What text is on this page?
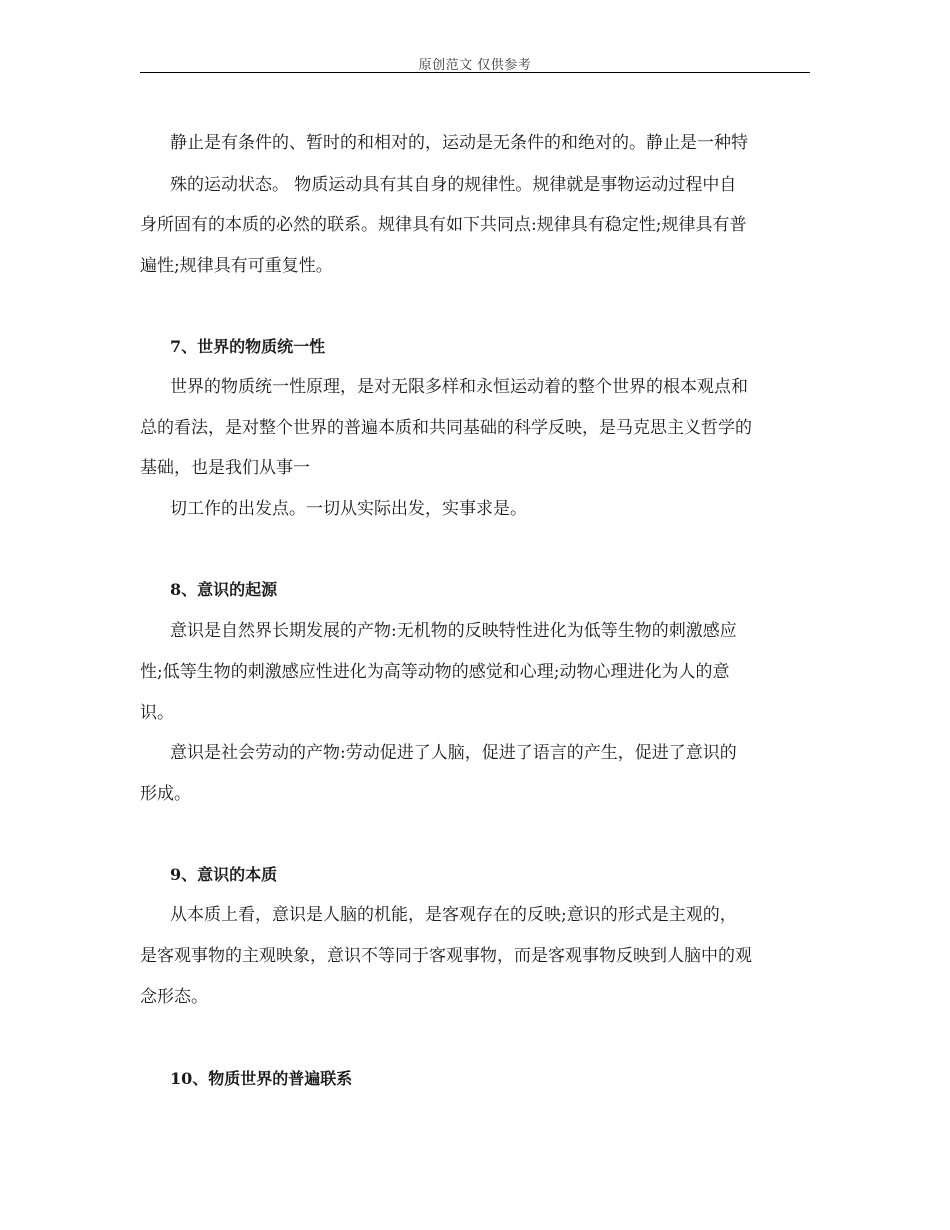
原创范文 仅供参考
静止是有条件的、暂时的和相对的，运动是无条件的和绝对的。静止是一种特
殊的运动状态。 物质运动具有其自身的规律性。规律就是事物运动过程中自
身所固有的本质的必然的联系。规律具有如下共同点:规律具有稳定性;规律具有普
遍性;规律具有可重复性。
7、世界的物质统一性
世界的物质统一性原理，是对无限多样和永恒运动着的整个世界的根本观点和
总的看法，是对整个世界的普遍本质和共同基础的科学反映，是马克思主义哲学的
基础，也是我们从事一
切工作的出发点。一切从实际出发，实事求是。
8、意识的起源
意识是自然界长期发展的产物:无机物的反映特性进化为低等生物的刺激感应
性;低等生物的刺激感应性进化为高等动物的感觉和心理;动物心理进化为人的意
识。
意识是社会劳动的产物:劳动促进了人脑，促进了语言的产生，促进了意识的
形成。
9、意识的本质
从本质上看，意识是人脑的机能，是客观存在的反映;意识的形式是主观的，
是客观事物的主观映象，意识不等同于客观事物，而是客观事物反映到人脑中的观
念形态。
10、物质世界的普遍联系
